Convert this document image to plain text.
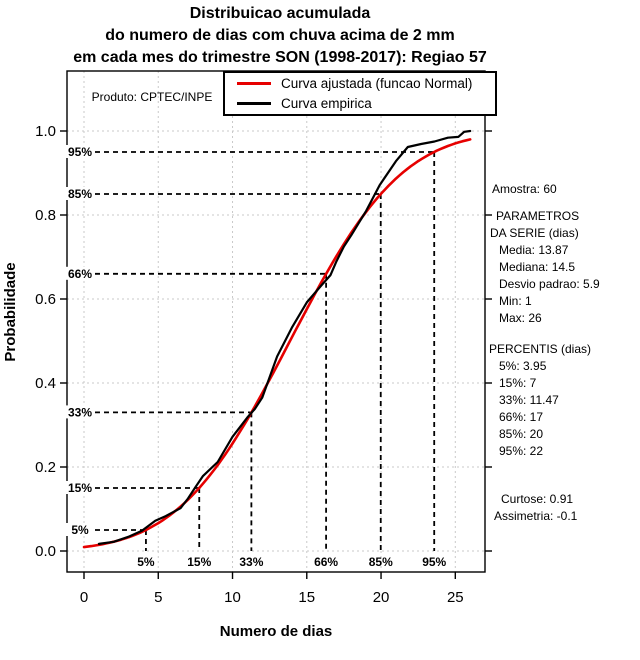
Distribuicao acumulada
do numero de dias com chuva acima de 2 mm
em cada mes do trimestre SON (1998-2017): Regiao 57
0	5	10	15	20	25
0.0
0.2
0.4
0.6
0.8
1.0
5%
5%
15%
15%
33%
33%
66%
66%
85%
85%
95%
95%
Curva ajustada (funcao Normal)
Curva empirica
Produto: CPTEC/INPE
Probabilidade
Numero de dias
Amostra: 60
PARAMETROS
DA SERIE (dias)
Media: 13.87
Mediana: 14.5
Desvio padrao: 5.9
Min: 1
Max: 26
PERCENTIS (dias)
5%: 3.95
15%: 7
33%: 11.47
66%: 17
85%: 20
95%: 22
Curtose: 0.91
Assimetria: -0.1
